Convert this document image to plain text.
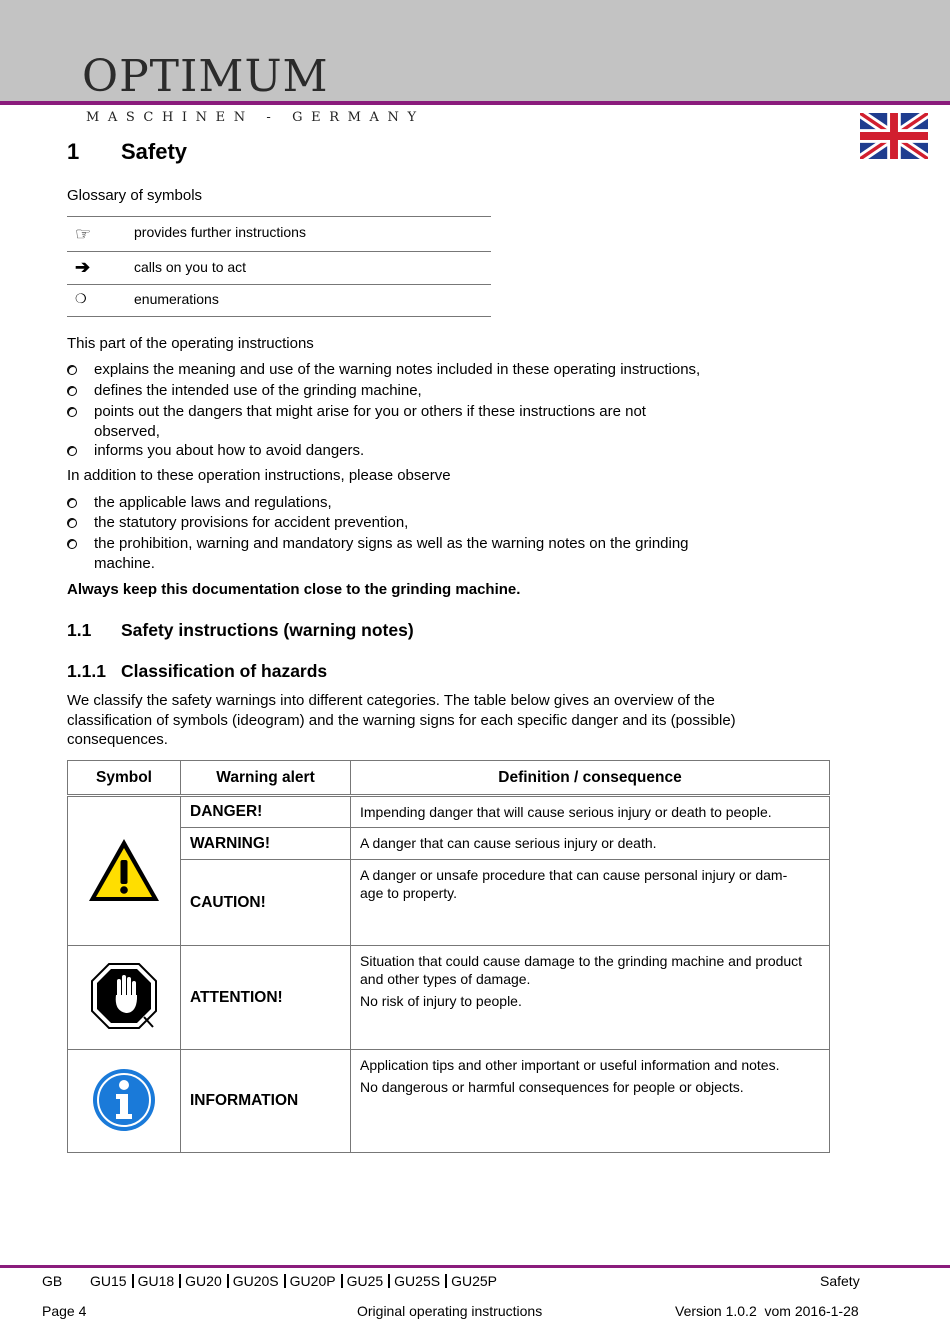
OPTIMUM
MASCHINEN - GERMANY
1 Safety
Glossary of symbols
☞	provides further instructions
➔	calls on you to act
❍	enumerations
This part of the operating instructions
explains the meaning and use of the warning notes included in these operating instructions,
defines the intended use of the grinding machine,
points out the dangers that might arise for you or others if these instructions are not observed,
informs you about how to avoid dangers.
In addition to these operation instructions, please observe
the applicable laws and regulations,
the statutory provisions for accident prevention,
the prohibition, warning and mandatory signs as well as the warning notes on the grinding machine.
Always keep this documentation close to the grinding machine.
1.1 Safety instructions (warning notes)
1.1.1 Classification of hazards
We classify the safety warnings into different categories. The table below gives an overview of the classification of symbols (ideogram) and the warning signs for each specific danger and its (possible) consequences.
Symbol	Warning alert	Definition / consequence
	DANGER!	Impending danger that will cause serious injury or death to people.

	WARNING!	A danger that can cause serious injury or death.

	CAUTION!	A danger or unsafe procedure that can cause personal injury or dam-age to property.

	ATTENTION!	Situation that could cause damage to the grinding machine and product and other types of damage.

No risk of injury to people.

	INFORMATION	Application tips and other important or useful information and notes.

No dangerous or harmful consequences for people or objects.

GB GU15 GU18 GU20 GU20S GU20P GU25 GU25S GU25P	Safety
Page 4	Original operating instructions	Version 1.0.2  vom 2016-1-28
